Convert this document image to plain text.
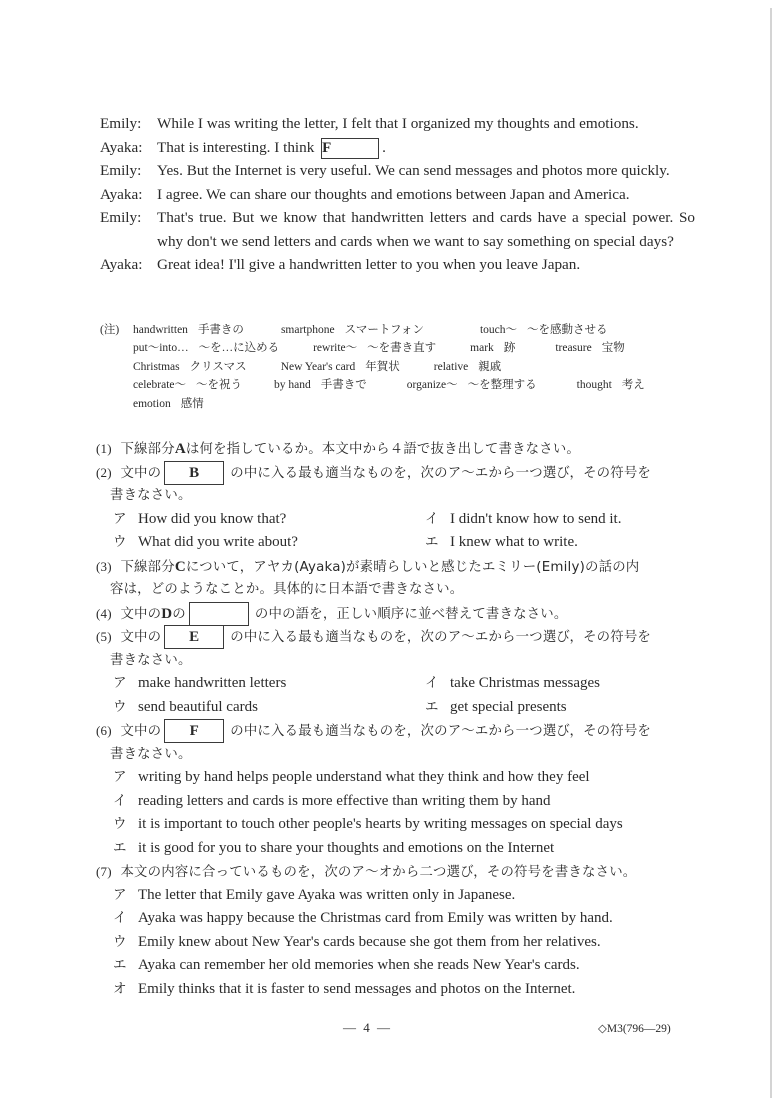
Emily:	While I was writing the letter, I felt that I organized my thoughts and emotions.
Ayaka: That is interesting. I think F	.
Emily:	Yes. But the Internet is very useful. We can send messages and photos more quickly.
Ayaka: I agree. We can share our thoughts and emotions between Japan and America.
Emily:	That's true. But we know that handwritten letters and cards have a special power. So why don't we send letters and cards when we want to say something on special days?
Ayaka: Great idea! I'll give a handwritten letter to you when you leave Japan.
(注) handwritten 手書きの	smartphone スマートフォン	touch～ ～を感動させる
put～into… ～を…に込める	rewrite～ ～を書き直す	mark 跡	treasure 宝物
Christmas クリスマス	New Year's card 年賀状	relative 親戚
celebrate～ ～を祝う	by hand 手書きで	organize～ ～を整理する	thought 考え
emotion 感情
(1) 下線部分Aは何を指しているか。本文中から４語で抜き出して書きなさい。
(2) 文中の B の中に入る最も適当なものを，次のア～エから一つ選び，その符号を
書きなさい。
ア How did you know that?	イ I didn't know how to send it.
ウ What did you write about?	エ I knew what to write.
(3) 下線部分Cについて，アヤカ(Ayaka)が素晴らしいと感じたエミリー(Emily)の話の内
容は，どのようなことか。具体的に日本語で書きなさい。
(4) 文中のDの	の中の語を，正しい順序に並べ替えて書きなさい。
(5) 文中の E の中に入る最も適当なものを，次のア～エから一つ選び，その符号を
書きなさい。
ア make handwritten letters	イ take Christmas messages
ウ send beautiful cards	エ get special presents
(6) 文中の F の中に入る最も適当なものを，次のア～エから一つ選び，その符号を
書きなさい。
ア writing by hand helps people understand what they think and how they feel
イ reading letters and cards is more effective than writing them by hand
ウ it is important to touch other people's hearts by writing messages on special days
エ it is good for you to share your thoughts and emotions on the Internet
(7) 本文の内容に合っているものを，次のア～オから二つ選び，その符号を書きなさい。
ア The letter that Emily gave Ayaka was written only in Japanese.
イ Ayaka was happy because the Christmas card from Emily was written by hand.
ウ Emily knew about New Year's cards because she got them from her relatives.
エ Ayaka can remember her old memories when she reads New Year's cards.
オ Emily thinks that it is faster to send messages and photos on the Internet.
— 4 —	◇M3(796—29)
